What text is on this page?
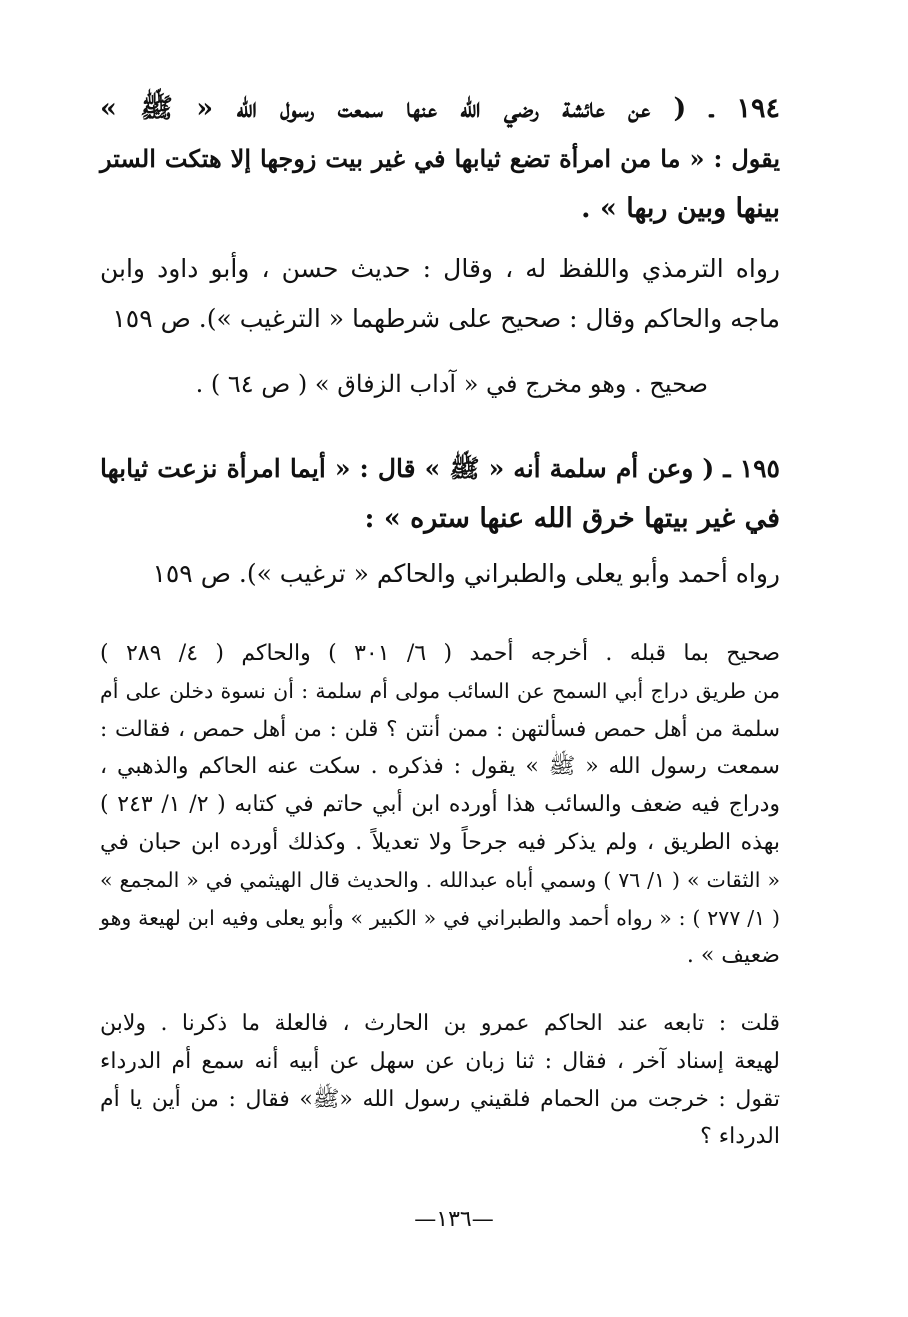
١٩٤ ـ ( عن عائشة رضي الله عنها سمعت رسول الله « ﷺ »
يقول : « ما من امرأة تضع ثيابها في غير بيت زوجها إلا هتكت الستر
بينها وبين ربها » .
رواه الترمذي واللفظ له ، وقال : حديث حسن ، وأبو داود وابن
ماجه والحاكم وقال : صحيح على شرطهما « الترغيب »). ص ١٥٩
صحيح . وهو مخرج في « آداب الزفاق » ( ص ٦٤ ) .
١٩٥ ـ ( وعن أم سلمة أنه « ﷺ » قال : « أيما امرأة نزعت ثيابها
في غير بيتها خرق الله عنها ستره » :
رواه أحمد وأبو يعلى والطبراني والحاكم « ترغيب »). ص ١٥٩
صحيح بما قبله . أخرجه أحمد ( ٦/ ٣٠١ ) والحاكم ( ٤/ ٢٨٩ )
من طريق دراج أبي السمح عن السائب مولى أم سلمة : أن نسوة دخلن على أم
سلمة من أهل حمص فسألتهن : ممن أنتن ؟ قلن : من أهل حمص ، فقالت :
سمعت رسول الله « ﷺ » يقول : فذكره . سكت عنه الحاكم والذهبي ،
ودراج فيه ضعف والسائب هذا أورده ابن أبي حاتم في كتابه ( ٢/ ١/ ٢٤٣ )
بهذه الطريق ، ولم يذكر فيه جرحاً ولا تعديلاً . وكذلك أورده ابن حبان في
« الثقات » ( ١/ ٧٦ ) وسمي أباه عبدالله . والحديث قال الهيثمي في « المجمع »
( ١/ ٢٧٧ ) : « رواه أحمد والطبراني في « الكبير » وأبو يعلى وفيه ابن لهيعة وهو
ضعيف » .
قلت : تابعه عند الحاكم عمرو بن الحارث ، فالعلة ما ذكرنا . ولابن
لهيعة إسناد آخر ، فقال : ثنا زبان عن سهل عن أبيه أنه سمع أم الدرداء
تقول : خرجت من الحمام فلقيني رسول الله «ﷺ» فقال : من أين يا أم
الدرداء ؟
—١٣٦—
